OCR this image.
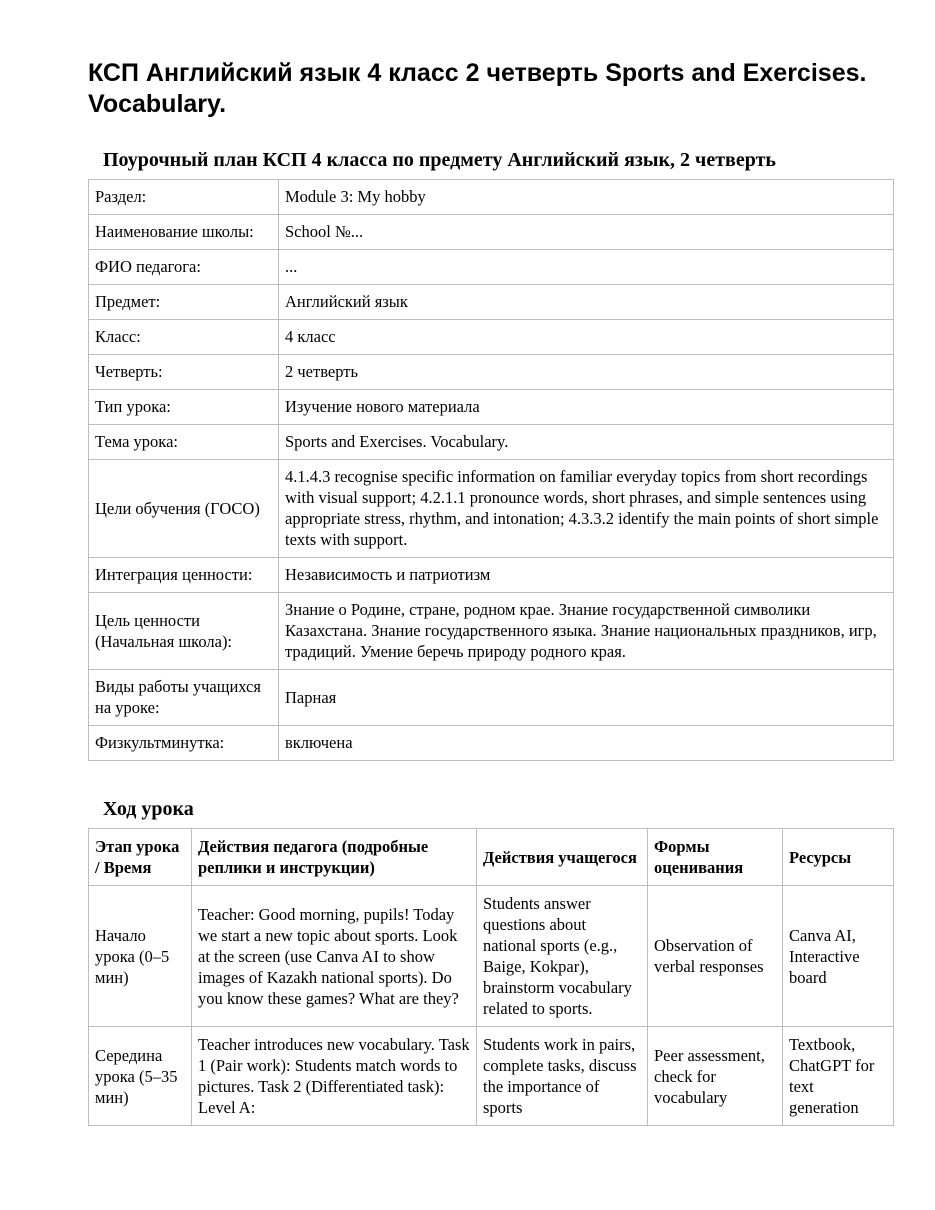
КСП Английский язык 4 класс 2 четверть Sports and Exercises. Vocabulary.
Поурочный план КСП 4 класса по предмету Английский язык, 2 четверть
Раздел:	Module 3: My hobby
Наименование школы:	School №...
ФИО педагога:	...
Предмет:	Английский язык
Класс:	4 класс
Четверть:	2 четверть
Тип урока:	Изучение нового материала
Тема урока:	Sports and Exercises. Vocabulary.
Цели обучения (ГОСО)	4.1.4.3 recognise specific information on familiar everyday topics from short recordings with visual support; 4.2.1.1 pronounce words, short phrases, and simple sentences using appropriate stress, rhythm, and intonation; 4.3.3.2 identify the main points of short simple texts with support.
Интеграция ценности:	Независимость и патриотизм
Цель ценности (Начальная школа):	Знание о Родине, стране, родном крае. Знание государственной символики Казахстана. Знание государственного языка. Знание национальных праздников, игр, традиций. Умение беречь природу родного края.
Виды работы учащихся на уроке:	Парная
Физкультминутка:	включена
Ход урока
Этап урока / Время	Действия педагога (подробные реплики и инструкции)	Действия учащегося	Формы оценивания	Ресурсы
Начало урока (0–5 мин)	Teacher: Good morning, pupils! Today we start a new topic about sports. Look at the screen (use Canva AI to show images of Kazakh national sports). Do you know these games? What are they?	Students answer questions about national sports (e.g., Baige, Kokpar), brainstorm vocabulary related to sports.	Observation of verbal responses	Canva AI, Interactive board
Середина урока (5–35 мин)	Teacher introduces new vocabulary. Task 1 (Pair work): Students match words to pictures. Task 2 (Differentiated task): Level A:	Students work in pairs, complete tasks, discuss the importance of sports	Peer assessment, check for vocabulary	Textbook, ChatGPT for text generation
